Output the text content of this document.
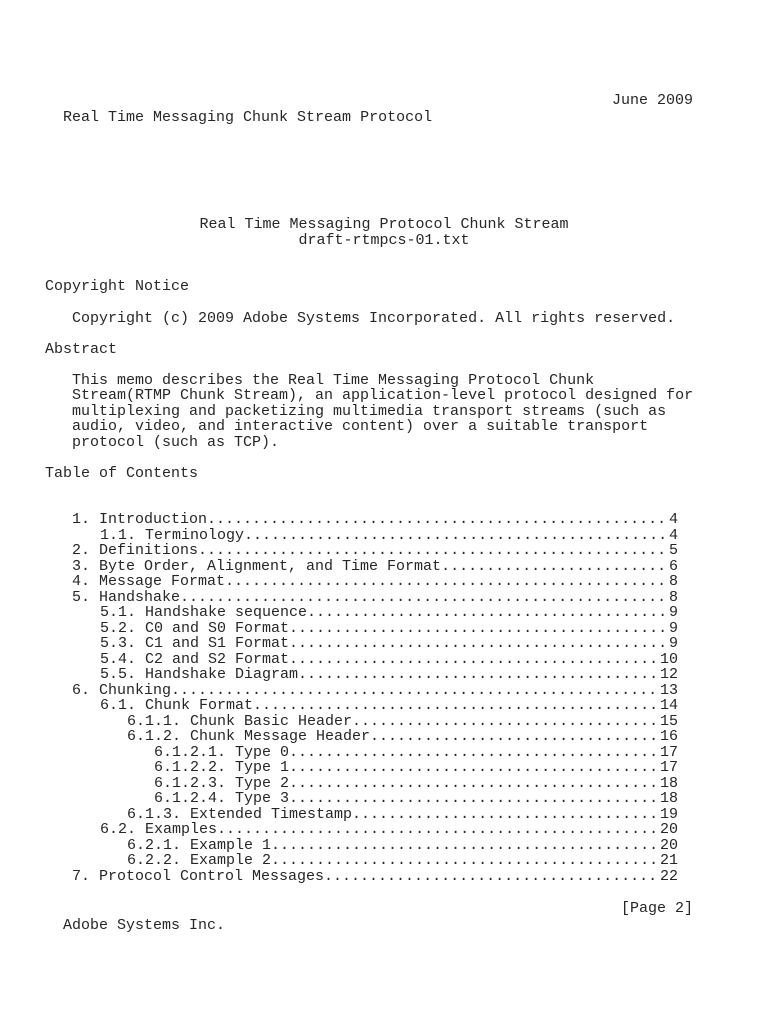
Real Time Messaging Chunk Stream Protocol

June 2009

Real Time Messaging Protocol Chunk Stream
draft-rtmpcs-01.txt
Copyright Notice
Copyright (c) 2009 Adobe Systems Incorporated. All rights reserved.
Abstract
This memo describes the Real Time Messaging Protocol Chunk
Stream(RTMP Chunk Stream), an application-level protocol designed for
multiplexing and packetizing multimedia transport streams (such as
audio, video, and interactive content) over a suitable transport
protocol (such as TCP).
Table of Contents
1. Introduction .....	4
1.1. Terminology .....	4
2. Definitions .....	5
3. Byte Order, Alignment, and Time Format .....	6
4. Message Format .....	8
5. Handshake .....	8
5.1. Handshake sequence .....	9
5.2. C0 and S0 Format .....	9
5.3. C1 and S1 Format .....	9
5.4. C2 and S2 Format .....	10
5.5. Handshake Diagram .....	12
6. Chunking .....	13
6.1. Chunk Format .....	14
6.1.1. Chunk Basic Header .....	15
6.1.2. Chunk Message Header .....	16
6.1.2.1. Type 0 .....	17
6.1.2.2. Type 1 .....	17
6.1.2.3. Type 2 .....	18
6.1.2.4. Type 3 .....	18
6.1.3. Extended Timestamp .....	19
6.2. Examples .....	20
6.2.1. Example 1 .....	20
6.2.2. Example 2 .....	21
7. Protocol Control Messages .....	22

Adobe Systems Inc.

[Page 2]
